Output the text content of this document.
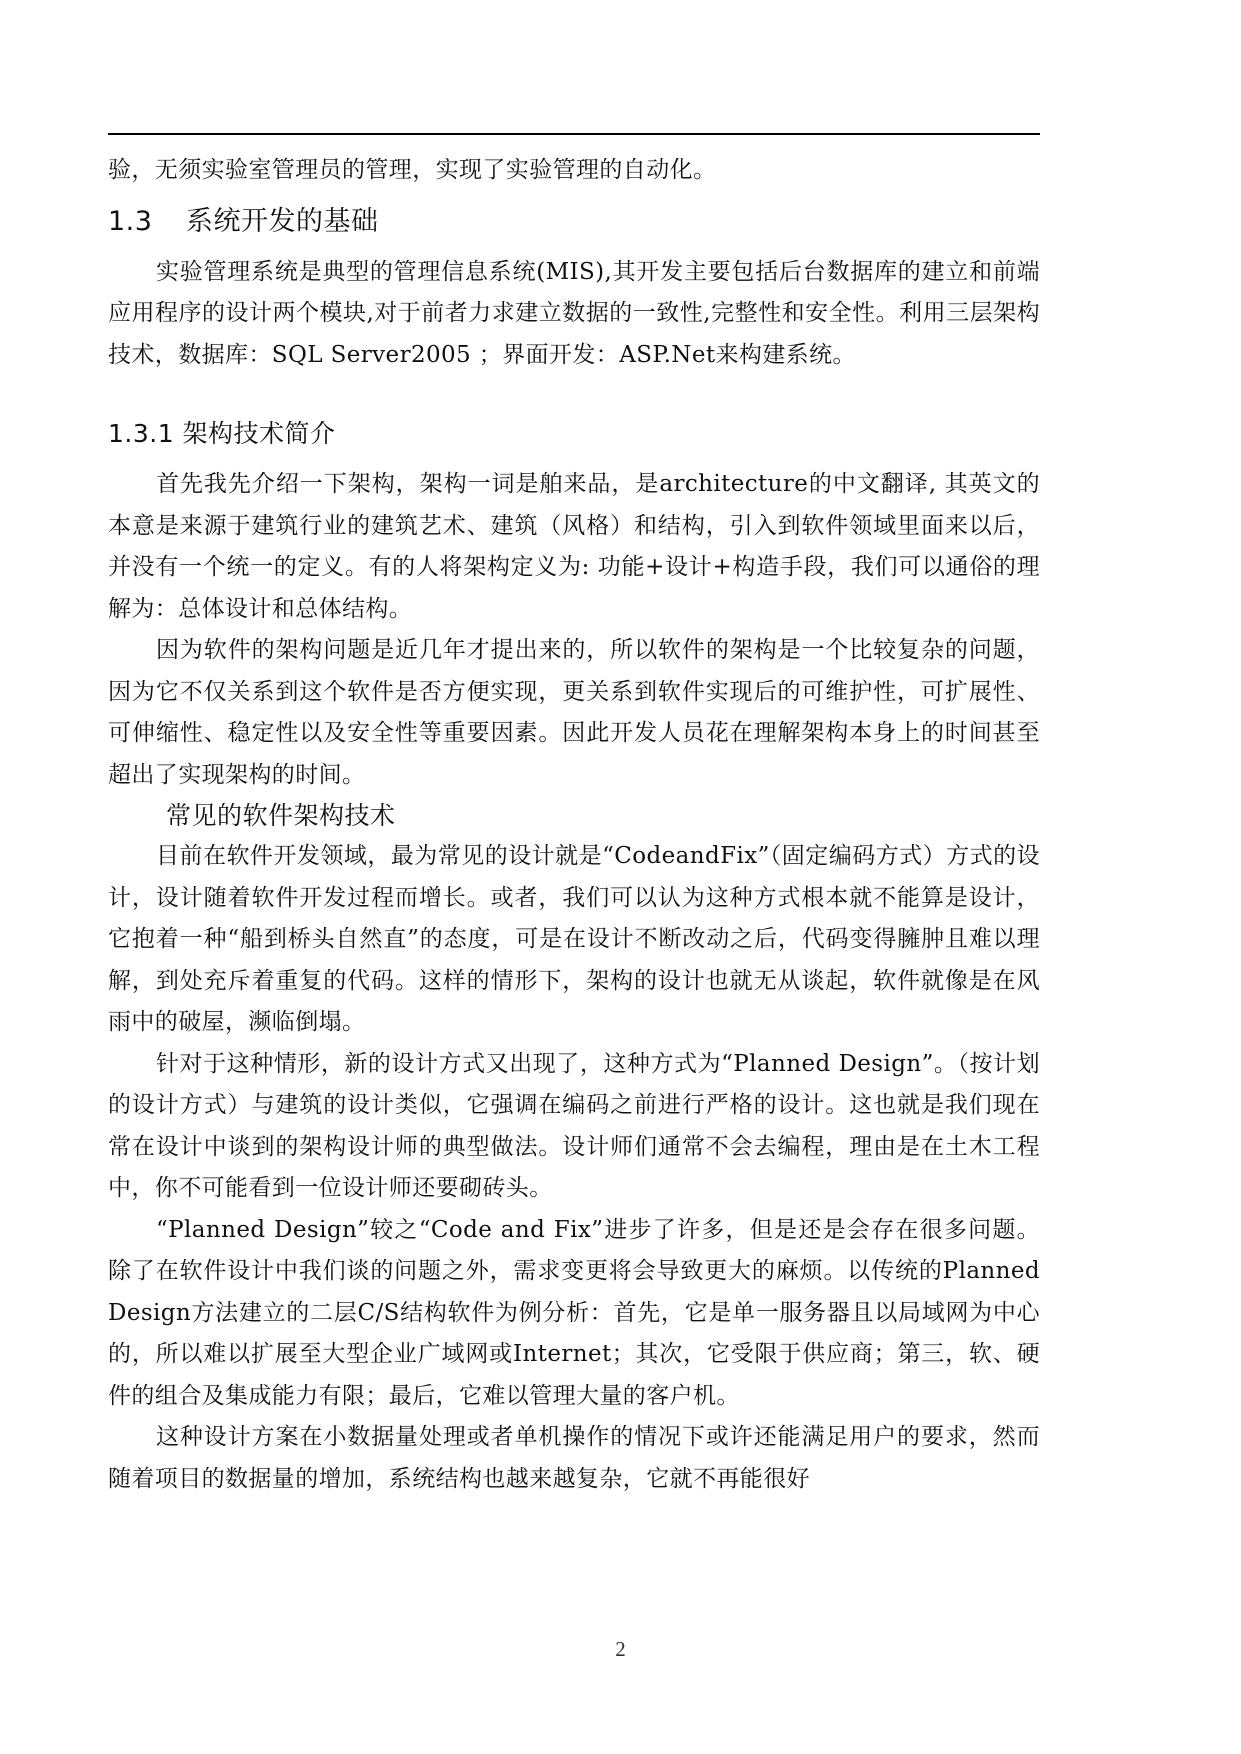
验，无须实验室管理员的管理，实现了实验管理的自动化。

1.3 系统开发的基础

实验管理系统是典型的管理信息系统(MIS),其开发主要包括后台数据库的建立和前端应用程序的设计两个模块,对于前者力求建立数据的一致性,完整性和安全性。利用三层架构技术，数据库：SQL Server2005 ；界面开发：ASP.Net来构建系统。

1.3.1 架构技术简介

首先我先介绍一下架构，架构一词是舶来品，是architecture的中文翻译, 其英文的本意是来源于建筑行业的建筑艺术、建筑（风格）和结构，引入到软件领域里面来以后，并没有一个统一的定义。有的人将架构定义为: 功能+设计+构造手段，我们可以通俗的理解为：总体设计和总体结构。

因为软件的架构问题是近几年才提出来的，所以软件的架构是一个比较复杂的问题，因为它不仅关系到这个软件是否方便实现，更关系到软件实现后的可维护性，可扩展性、可伸缩性、稳定性以及安全性等重要因素。因此开发人员花在理解架构本身上的时间甚至超出了实现架构的时间。

常见的软件架构技术

目前在软件开发领域，最为常见的设计就是“CodeandFix”（固定编码方式）方式的设计，设计随着软件开发过程而增长。或者，我们可以认为这种方式根本就不能算是设计，它抱着一种“船到桥头自然直”的态度，可是在设计不断改动之后，代码变得臃肿且难以理解，到处充斥着重复的代码。这样的情形下，架构的设计也就无从谈起，软件就像是在风雨中的破屋，濒临倒塌。

针对于这种情形，新的设计方式又出现了，这种方式为“Planned Design”。（按计划的设计方式）与建筑的设计类似，它强调在编码之前进行严格的设计。这也就是我们现在常在设计中谈到的架构设计师的典型做法。设计师们通常不会去编程，理由是在土木工程中，你不可能看到一位设计师还要砌砖头。

“Planned Design”较之“Code and Fix”进步了许多，但是还是会存在很多问题。除了在软件设计中我们谈的问题之外，需求变更将会导致更大的麻烦。以传统的PlannedDesign方法建立的二层C/S结构软件为例分析：首先，它是单一服务器且以局域网为中心的，所以难以扩展至大型企业广域网或Internet；其次，它受限于供应商；第三，软、硬件的组合及集成能力有限；最后，它难以管理大量的客户机。

这种设计方案在小数据量处理或者单机操作的情况下或许还能满足用户的要求，然而随着项目的数据量的增加，系统结构也越来越复杂，它就不再能很好

2
